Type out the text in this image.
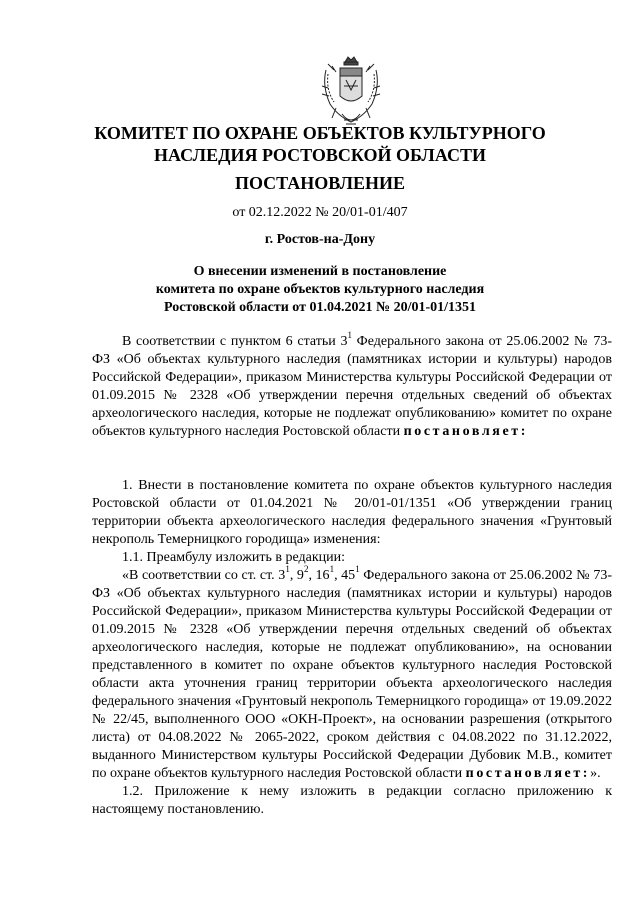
КОМИТЕТ ПО ОХРАНЕ ОБЪЕКТОВ КУЛЬТУРНОГО
НАСЛЕДИЯ РОСТОВСКОЙ ОБЛАСТИ
ПОСТАНОВЛЕНИЕ
от 02.12.2022 № 20/01-01/407
г. Ростов-на-Дону
О внесении изменений в постановление
комитета по охране объектов культурного наследия
Ростовской области от 01.04.2021 № 20/01-01/1351

В соответствии с пунктом 6 статьи $3^1$ Федерального закона от 25.06.2002 № 73-ФЗ «Об объектах культурного наследия (памятниках истории и культуры) народов Российской Федерации», приказом Министерства культуры Российской Федерации от 01.09.2015 № 2328 «Об утверждении перечня отдельных сведений об объектах археологического наследия, которые не подлежат опубликованию» комитет по охране объектов культурного наследия Ростовской области постановляет:

1. Внести в постановление комитета по охране объектов культурного наследия Ростовской области от 01.04.2021 № 20/01-01/1351 «Об утверждении границ территории объекта археологического наследия федерального значения «Грунтовый некрополь Темерницкого городища» изменения:

1.1. Преамбулу изложить в редакции:

«В соответствии со ст. ст. $3^1$, $9^2$, $16^1$, $45^1$ Федерального закона от 25.06.2002 № 73-ФЗ «Об объектах культурного наследия (памятниках истории и культуры) народов Российской Федерации», приказом Министерства культуры Российской Федерации от 01.09.2015 № 2328 «Об утверждении перечня отдельных сведений об объектах археологического наследия, которые не подлежат опубликованию», на основании представленного в комитет по охране объектов культурного наследия Ростовской области акта уточнения границ территории объекта археологического наследия федерального значения «Грунтовый некрополь Темерницкого городища» от 19.09.2022 № 22/45, выполненного ООО «ОКН-Проект», на основании разрешения (открытого листа) от 04.08.2022 № 2065-2022, сроком действия с 04.08.2022 по 31.12.2022, выданного Министерством культуры Российской Федерации Дубовик М.В., комитет по охране объектов культурного наследия Ростовской области постановляет:».

1.2. Приложение к нему изложить в редакции согласно приложению к настоящему постановлению.
